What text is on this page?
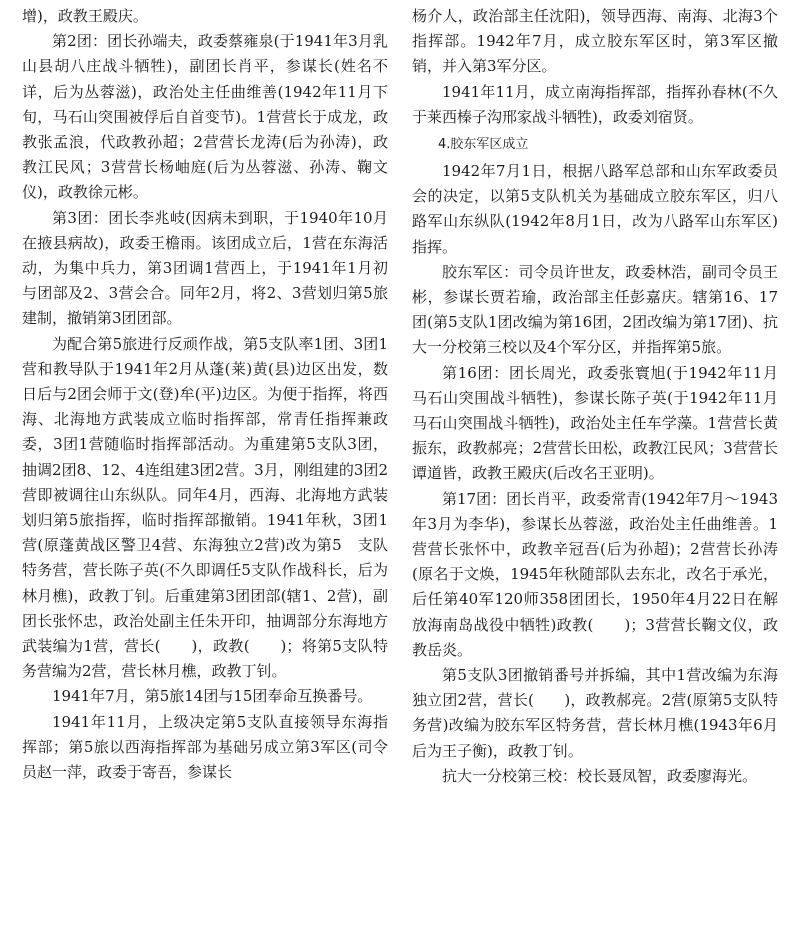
增)，政教王殿庆。

第2团：团长孙端夫，政委蔡雍泉(于1941年3月乳山县胡八庄战斗牺牲)，副团长肖平，参谋长(姓名不详，后为丛蓉滋)，政治处主任曲维善(1942年11月下旬，马石山突围被俘后自首变节)。1营营长于成龙，政教张孟浪，代政教孙超；2营营长龙涛(后为孙涛)，政教江民风；3营营长杨岫庭(后为丛蓉滋、孙涛、鞠文仪)，政教徐元彬。

第3团：团长李兆岐(因病未到职，于1940年10月在掖县病故)，政委王檐雨。该团成立后，1营在东海活动，为集中兵力，第3团调1营西上，于1941年1月初与团部及2、3营会合。同年2月，将2、3营划归第5旅建制，撤销第3团团部。

为配合第5旅进行反顽作战，第5支队率1团、3团1营和教导队于1941年2月从蓬(莱)黄(县)边区出发，数日后与2团会师于文(登)牟(平)边区。为便于指挥，将西海、北海地方武装成立临时指挥部，常青任指挥兼政委，3团1营随临时指挥部活动。为重建第5支队3团，抽调2团8、12、4连组建3团2营。3月，刚组建的3团2营即被调往山东纵队。同年4月，西海、北海地方武装划归第5旅指挥，临时指挥部撤销。1941年秋，3团1营(原蓬黄战区警卫4营、东海独立2营)改为第5　支队特务营，营长陈子英(不久即调任5支队作战科长，后为林月樵)，政教丁钊。后重建第3团团部(辖1、2营)，副团长张怀忠，政治处副主任朱开印，抽调部分东海地方武装编为1营，营长(　　)，政教(　　)；将第5支队特务营编为2营，营长林月樵，政教丁钊。

1941年7月，第5旅14团与15团奉命互换番号。

1941年11月，上级决定第5支队直接领导东海指挥部；第5旅以西海指挥部为基础另成立第3军区(司令员赵一萍，政委于寄吾，参谋长

杨介人，政治部主任沈阳)，领导西海、南海、北海3个指挥部。1942年7月，成立胶东军区时，第3军区撤销，并入第3军分区。

1941年11月，成立南海指挥部，指挥孙春林(不久于莱西榛子沟邢家战斗牺牲)，政委刘宿贤。

4.胶东军区成立

1942年7月1日，根据八路军总部和山东军政委员会的决定，以第5支队机关为基础成立胶东军区，归八路军山东纵队(1942年8月1日，改为八路军山东军区)指挥。

胶东军区：司令员许世友，政委林浩，副司令员王彬，参谋长贾若瑜，政治部主任彭嘉庆。辖第16、17团(第5支队1团改编为第16团，2团改编为第17团)、抗大一分校第三校以及4个军分区，并指挥第5旅。

第16团：团长周光，政委张寰旭(于1942年11月马石山突围战斗牺牲)，参谋长陈子英(于1942年11月马石山突围战斗牺牲)，政治处主任车学藻。1营营长黄振东，政教郝亮；2营营长田松，政教江民风；3营营长谭道皆，政教王殿庆(后改名王亚明)。

第17团：团长肖平，政委常青(1942年7月～1943年3月为李华)，参谋长丛蓉滋，政治处主任曲维善。1营营长张怀中，政教辛冠吾(后为孙超)；2营营长孙涛(原名于文焕，1945年秋随部队去东北，改名于承光，后任第40军120师358团团长，1950年4月22日在解放海南岛战役中牺牲)政教(　　)；3营营长鞠文仪，政教岳炎。

第5支队3团撤销番号并拆编，其中1营改编为东海独立团2营，营长(　　)，政教郝亮。2营(原第5支队特务营)改编为胶东军区特务营，营长林月樵(1943年6月后为王子衡)，政教丁钊。

抗大一分校第三校：校长聂凤智，政委廖海光。
